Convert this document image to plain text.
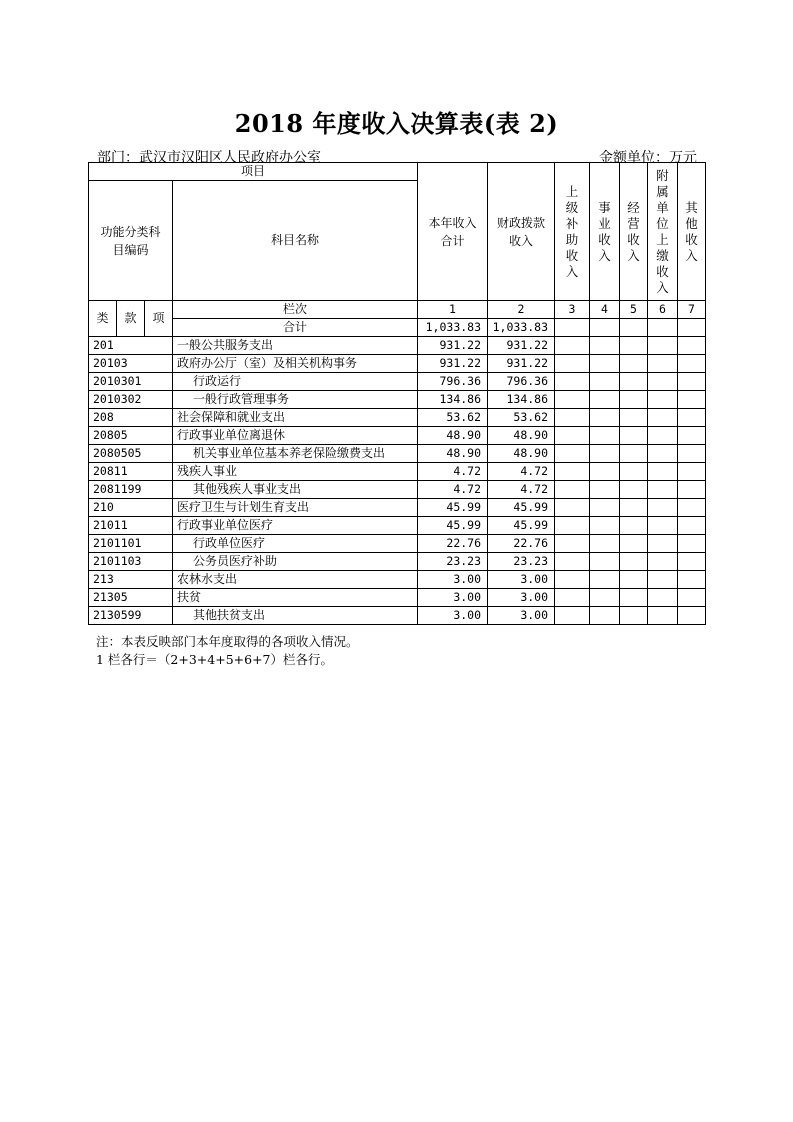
2018 年度收入决算表(表 2)
部门：武汉市汉阳区人民政府办公室	金额单位：万元
项目				本年收入合计	财政拨款收入	上级补助收入	事业收入	经营收入	附属单位上缴收入	其他收入
功能分类科目编码			科目名称							
类	款	项	栏次	1	2	3	4	5	6	7
			合计	1,033.83	1,033.83					
201			一般公共服务支出	931.22	931.22					
20103			政府办公厅（室）及相关机构事务	931.22	931.22					
2010301			行政运行	796.36	796.36					
2010302			一般行政管理事务	134.86	134.86					
208			社会保障和就业支出	53.62	53.62					
20805			行政事业单位离退休	48.90	48.90					
2080505			机关事业单位基本养老保险缴费支出	48.90	48.90					
20811			残疾人事业	4.72	4.72					
2081199			其他残疾人事业支出	4.72	4.72					
210			医疗卫生与计划生育支出	45.99	45.99					
21011			行政事业单位医疗	45.99	45.99					
2101101			行政单位医疗	22.76	22.76					
2101103			公务员医疗补助	23.23	23.23					
213			农林水支出	3.00	3.00					
21305			扶贫	3.00	3.00					
2130599			其他扶贫支出	3.00	3.00					
注：本表反映部门本年度取得的各项收入情况。
1 栏各行＝（2+3+4+5+6+7）栏各行。
